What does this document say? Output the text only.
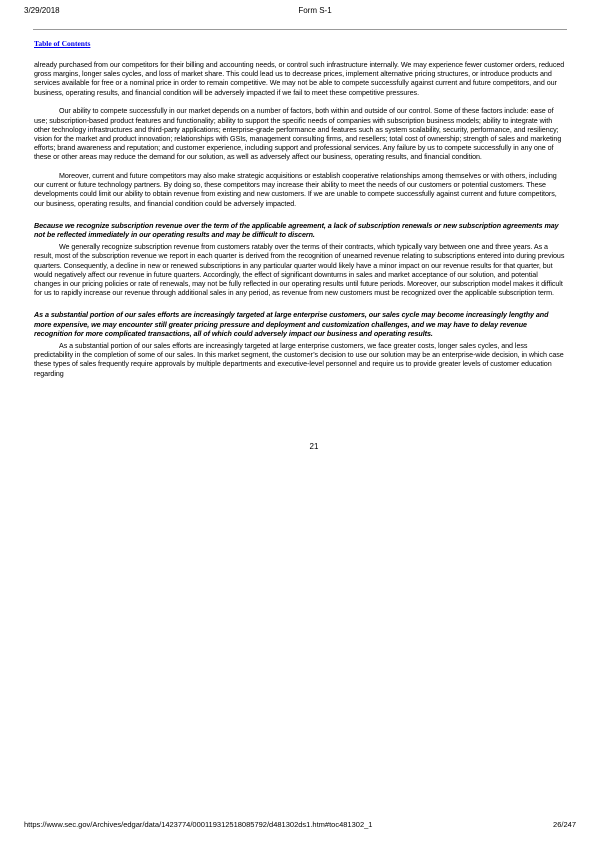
3/29/2018	Form S-1
Table of Contents

already purchased from our competitors for their billing and accounting needs, or control such infrastructure internally. We may experience fewer customer orders, reduced gross margins, longer sales cycles, and loss of market share. This could lead us to decrease prices, implement alternative pricing structures, or introduce products and services available for free or a nominal price in order to remain competitive. We may not be able to compete successfully against current and future competitors, and our business, operating results, and financial condition will be adversely impacted if we fail to meet these competitive pressures.

Our ability to compete successfully in our market depends on a number of factors, both within and outside of our control. Some of these factors include: ease of use; subscription-based product features and functionality; ability to support the specific needs of companies with subscription business models; ability to integrate with other technology infrastructures and third-party applications; enterprise-grade performance and features such as system scalability, security, performance, and resiliency; vision for the market and product innovation; relationships with GSIs, management consulting firms, and resellers; total cost of ownership; strength of sales and marketing efforts; brand awareness and reputation; and customer experience, including support and professional services. Any failure by us to compete successfully in any one of these or other areas may reduce the demand for our solution, as well as adversely affect our business, operating results, and financial condition.

Moreover, current and future competitors may also make strategic acquisitions or establish cooperative relationships among themselves or with others, including our current or future technology partners. By doing so, these competitors may increase their ability to meet the needs of our customers or potential customers. These developments could limit our ability to obtain revenue from existing and new customers. If we are unable to compete successfully against current and future competitors, our business, operating results, and financial condition could be adversely impacted.

Because we recognize subscription revenue over the term of the applicable agreement, a lack of subscription renewals or new subscription agreements may not be reflected immediately in our operating results and may be difficult to discern.

We generally recognize subscription revenue from customers ratably over the terms of their contracts, which typically vary between one and three years. As a result, most of the subscription revenue we report in each quarter is derived from the recognition of unearned revenue relating to subscriptions entered into during previous quarters. Consequently, a decline in new or renewed subscriptions in any particular quarter would likely have a minor impact on our revenue results for that quarter, but would negatively affect our revenue in future quarters. Accordingly, the effect of significant downturns in sales and market acceptance of our solution, and potential changes in our pricing policies or rate of renewals, may not be fully reflected in our operating results until future periods. Moreover, our subscription model makes it difficult for us to rapidly increase our revenue through additional sales in any period, as revenue from new customers must be recognized over the applicable subscription term.

As a substantial portion of our sales efforts are increasingly targeted at large enterprise customers, our sales cycle may become increasingly lengthy and more expensive, we may encounter still greater pricing pressure and deployment and customization challenges, and we may have to delay revenue recognition for more complicated transactions, all of which could adversely impact our business and operating results.

As a substantial portion of our sales efforts are increasingly targeted at large enterprise customers, we face greater costs, longer sales cycles, and less predictability in the completion of some of our sales. In this market segment, the customer’s decision to use our solution may be an enterprise-wide decision, in which case these types of sales frequently require approvals by multiple departments and executive-level personnel and require us to provide greater levels of customer education regarding

21
https://www.sec.gov/Archives/edgar/data/1423774/000119312518085792/d481302ds1.htm#toc481302_1	26/247
